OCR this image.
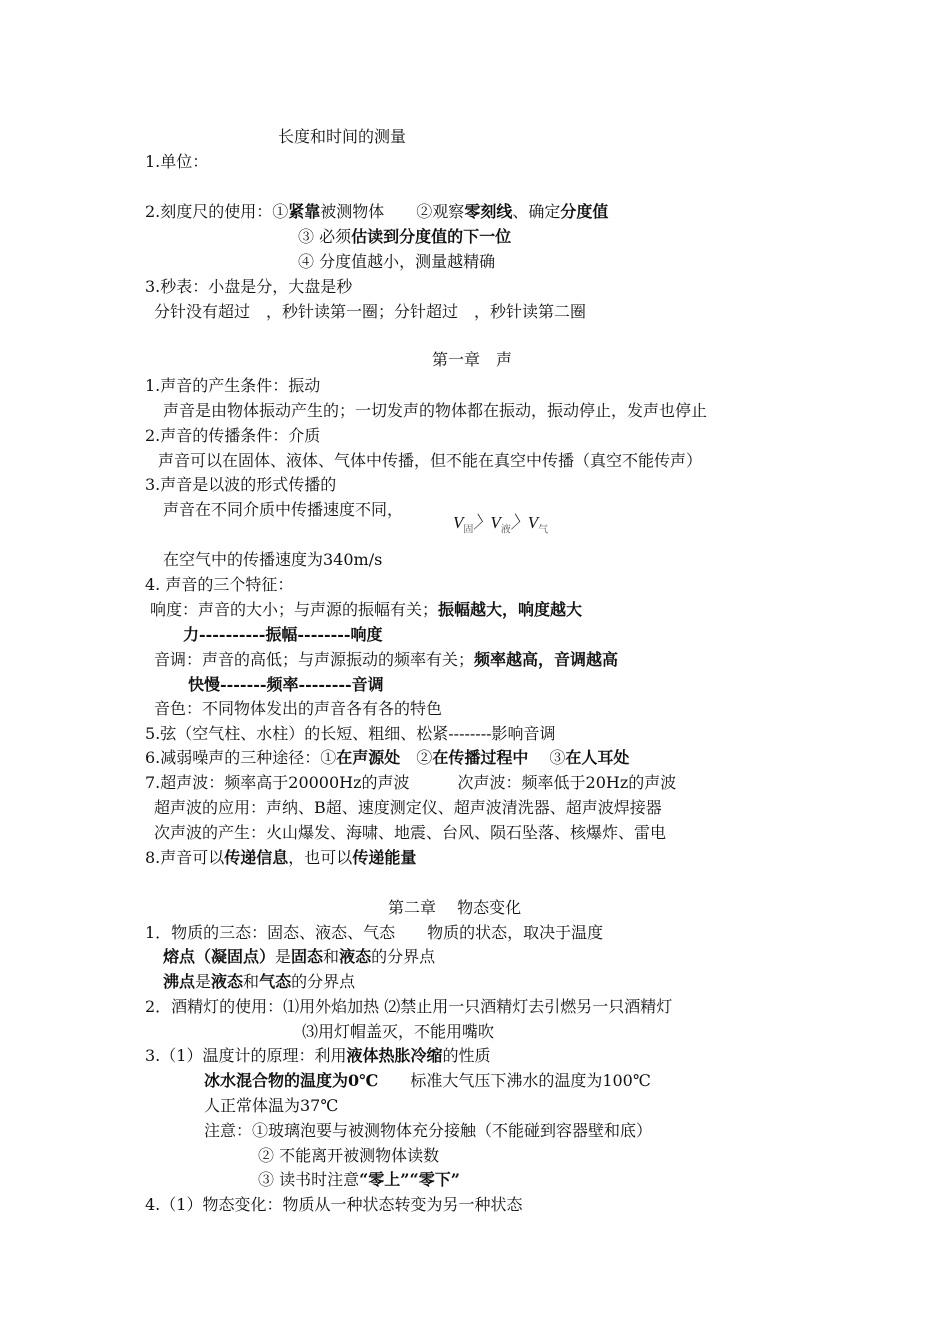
长度和时间的测量
1.单位：
2.刻度尺的使用：①紧靠被测物体　　②观察零刻线、确定分度值
③ 必须估读到分度值的下一位
④ 分度值越小，测量越精确
3.秒表：小盘是分，大盘是秒
分针没有超过　，秒针读第一圈；分针超过　，秒针读第二圈
第一章　声
1.声音的产生条件：振动
声音是由物体振动产生的；一切发声的物体都在振动，振动停止，发声也停止
2.声音的传播条件：介质
声音可以在固体、液体、气体中传播，但不能在真空中传播（真空不能传声）
3.声音是以波的形式传播的
声音在不同介质中传播速度不同，
$V_固$〉$V_液$〉$V_气$
在空气中的传播速度为340m/s
4. 声音的三个特征：
响度：声音的大小；与声源的振幅有关；振幅越大，响度越大
力----------振幅--------响度
音调：声音的高低；与声源振动的频率有关；频率越高，音调越高
快慢-------频率--------音调
音色：不同物体发出的声音各有各的特色
5.弦（空气柱、水柱）的长短、粗细、松紧--------影响音调
6.减弱噪声的三种途径：①在声源处　②在传播过程中　 ③在人耳处
7.超声波：频率高于20000Hz的声波　　　次声波：频率低于20Hz的声波
超声波的应用：声纳、B超、速度测定仪、超声波清洗器、超声波焊接器
次声波的产生：火山爆发、海啸、地震、台风、陨石坠落、核爆炸、雷电
8.声音可以传递信息，也可以传递能量
第二章　 物态变化
1．物质的三态：固态、液态、气态　　物质的状态，取决于温度
熔点（凝固点）是固态和液态的分界点
沸点是液态和气态的分界点
2．酒精灯的使用：⑴用外焰加热 ⑵禁止用一只酒精灯去引燃另一只酒精灯
⑶用灯帽盖灭，不能用嘴吹
3.（1）温度计的原理：利用液体热胀冷缩的性质
冰水混合物的温度为0℃　　标准大气压下沸水的温度为100℃
人正常体温为37℃
注意：①玻璃泡要与被测物体充分接触（不能碰到容器壁和底）
② 不能离开被测物体读数
③ 读书时注意“零上”“零下”
4.（1）物态变化：物质从一种状态转变为另一种状态
